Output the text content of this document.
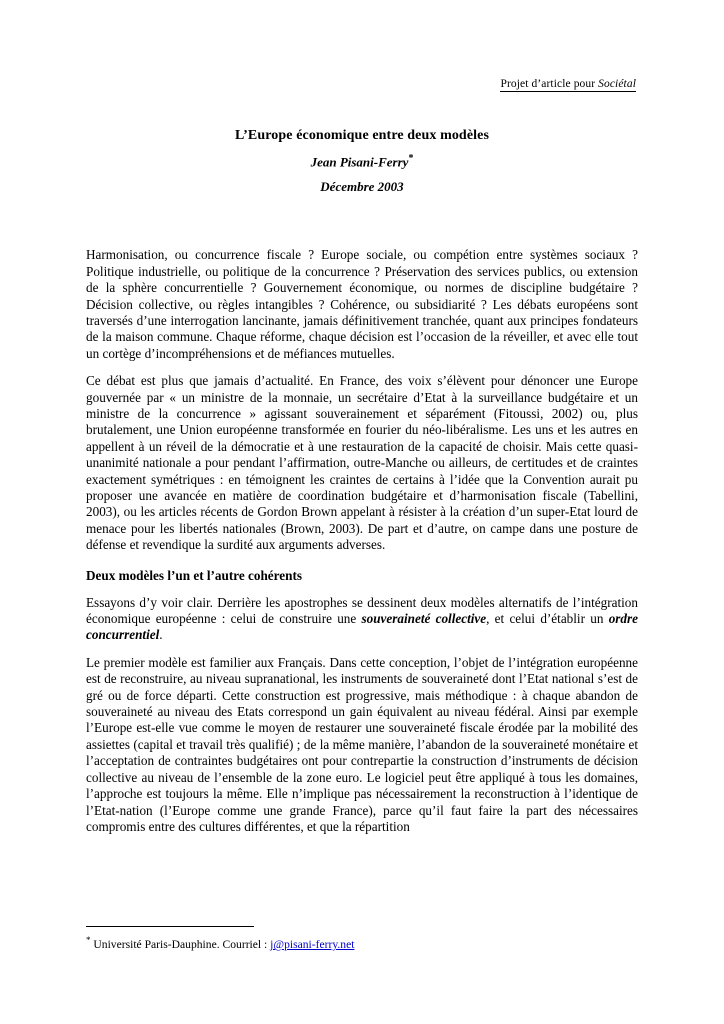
Projet d’article pour Sociétal
L’Europe économique entre deux modèles
Jean Pisani-Ferry*
Décembre 2003

Harmonisation, ou concurrence fiscale ? Europe sociale, ou compétion entre systèmes sociaux ? Politique industrielle, ou politique de la concurrence ? Préservation des services publics, ou extension de la sphère concurrentielle ? Gouvernement économique, ou normes de discipline budgétaire ? Décision collective, ou règles intangibles ? Cohérence, ou subsidiarité ? Les débats européens sont traversés d’une interrogation lancinante, jamais définitivement tranchée, quant aux principes fondateurs de la maison commune. Chaque réforme, chaque décision est l’occasion de la réveiller, et avec elle tout un cortège d’incompréhensions et de méfiances mutuelles.

Ce débat est plus que jamais d’actualité. En France, des voix s’élèvent pour dénoncer une Europe gouvernée par « un ministre de la monnaie, un secrétaire d’Etat à la surveillance budgétaire et un ministre de la concurrence » agissant souverainement et séparément (Fitoussi, 2002) ou, plus brutalement, une Union européenne transformée en fourier du néo-libéralisme. Les uns et les autres en appellent à un réveil de la démocratie et à une restauration de la capacité de choisir. Mais cette quasi-unanimité nationale a pour pendant l’affirmation, outre-Manche ou ailleurs, de certitudes et de craintes exactement symétriques : en témoignent les craintes de certains à l’idée que la Convention aurait pu proposer une avancée en matière de coordination budgétaire et d’harmonisation fiscale (Tabellini, 2003), ou les articles récents de Gordon Brown appelant à résister à la création d’un super-Etat lourd de menace pour les libertés nationales (Brown, 2003). De part et d’autre, on campe dans une posture de défense et revendique la surdité aux arguments adverses.

Deux modèles l’un et l’autre cohérents

Essayons d’y voir clair. Derrière les apostrophes se dessinent deux modèles alternatifs de l’intégration économique européenne : celui de construire une souveraineté collective, et celui d’établir un ordre concurrentiel.

Le premier modèle est familier aux Français. Dans cette conception, l’objet de l’intégration européenne est de reconstruire, au niveau supranational, les instruments de souveraineté dont l’Etat national s’est de gré ou de force départi. Cette construction est progressive, mais méthodique : à chaque abandon de souveraineté au niveau des Etats correspond un gain équivalent au niveau fédéral. Ainsi par exemple l’Europe est-elle vue comme le moyen de restaurer une souveraineté fiscale érodée par la mobilité des assiettes (capital et travail très qualifié) ; de la même manière, l’abandon de la souveraineté monétaire et l’acceptation de contraintes budgétaires ont pour contrepartie la construction d’instruments de décision collective au niveau de l’ensemble de la zone euro. Le logiciel peut être appliqué à tous les domaines, l’approche est toujours la même. Elle n’implique pas nécessairement la reconstruction à l’identique de l’Etat-nation (l’Europe comme une grande France), parce qu’il faut faire la part des nécessaires compromis entre des cultures différentes, et que la répartition

* Université Paris-Dauphine. Courriel : j@pisani-ferry.net
